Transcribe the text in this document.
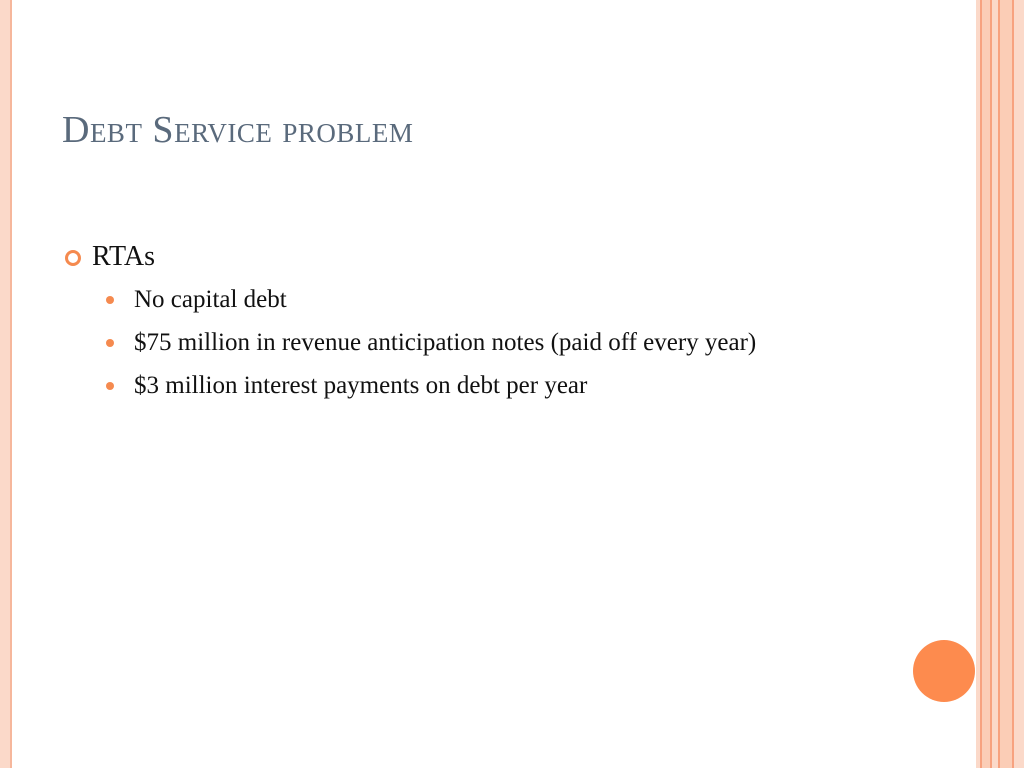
Debt Service problem
RTAs
No capital debt
$75 million in revenue anticipation notes (paid off every year)
$3 million interest payments on debt per year
